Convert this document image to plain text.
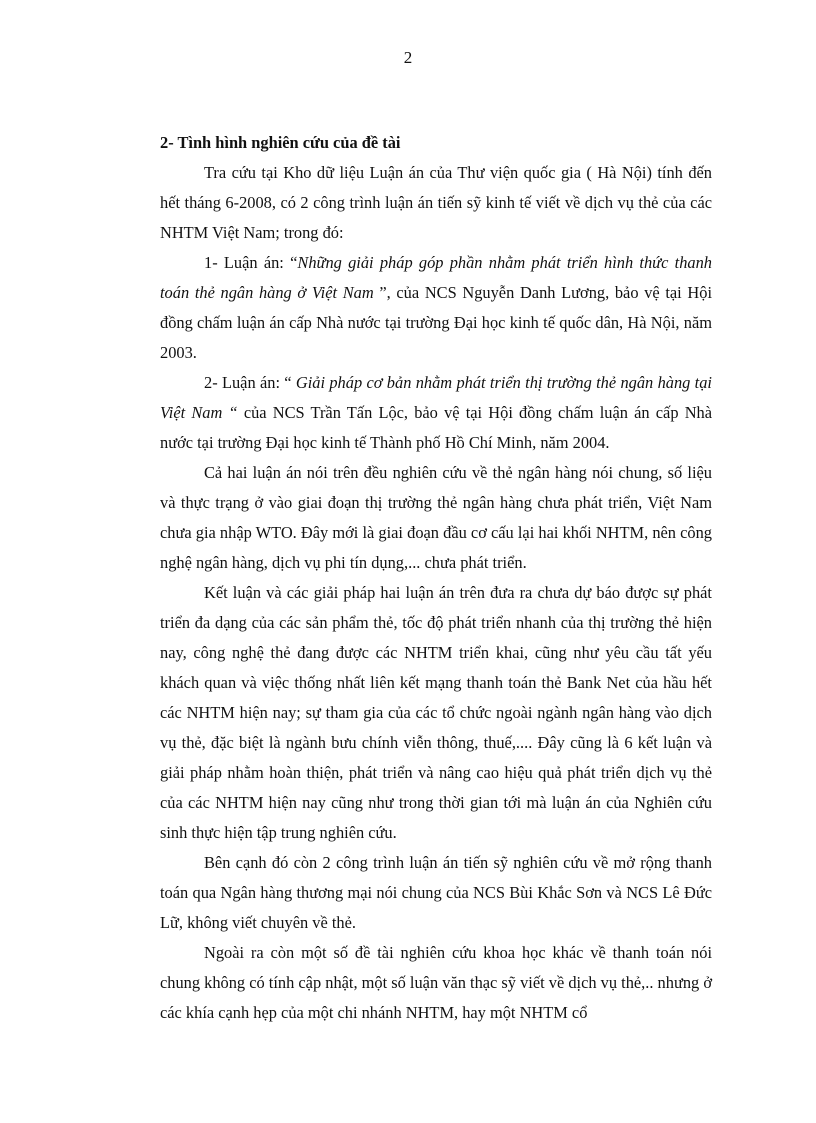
2

2- Tình hình nghiên cứu của đề tài

Tra cứu tại Kho dữ liệu Luận án của Thư viện quốc gia ( Hà Nội) tính đến hết tháng 6-2008, có 2 công trình luận án tiến sỹ kinh tế viết về dịch vụ thẻ của các NHTM Việt Nam; trong đó:

1- Luận án: “Những giải pháp góp phần nhằm phát triển hình thức thanh toán thẻ ngân hàng ở Việt Nam ”, của NCS Nguyễn Danh Lương, bảo vệ tại Hội đồng chấm luận án cấp Nhà nước tại trường Đại học kinh tế quốc dân, Hà Nội, năm 2003.

2- Luận án: “ Giải pháp cơ bản nhằm phát triển thị trường thẻ ngân hàng tại Việt Nam “ của NCS Trần Tấn Lộc, bảo vệ tại Hội đồng chấm luận án cấp Nhà nước tại trường Đại học kinh tế Thành phố Hồ Chí Minh, năm 2004.

Cả hai luận án nói trên đều nghiên cứu về thẻ ngân hàng nói chung, số liệu và thực trạng ở vào giai đoạn thị trường thẻ ngân hàng chưa phát triển, Việt Nam chưa gia nhập WTO. Đây mới là giai đoạn đầu cơ cấu lại hai khối NHTM, nên công nghệ ngân hàng, dịch vụ phi tín dụng,... chưa phát triển.

Kết luận và các giải pháp hai luận án trên đưa ra chưa dự báo được sự phát triển đa dạng của các sản phẩm thẻ, tốc độ phát triển nhanh của thị trường thẻ hiện nay, công nghệ thẻ đang được các NHTM triển khai, cũng như yêu cầu tất yếu khách quan và việc thống nhất liên kết mạng thanh toán thẻ Bank Net của hầu hết các NHTM hiện nay; sự tham gia của các tổ chức ngoài ngành ngân hàng vào dịch vụ thẻ, đặc biệt là ngành bưu chính viễn thông, thuế,.... Đây cũng là 6 kết luận và giải pháp nhằm hoàn thiện, phát triển và nâng cao hiệu quả phát triển dịch vụ thẻ của các NHTM hiện nay cũng như trong thời gian tới mà luận án của Nghiên cứu sinh thực hiện tập trung nghiên cứu.

Bên cạnh đó còn 2 công trình luận án tiến sỹ nghiên cứu về mở rộng thanh toán qua Ngân hàng thương mại nói chung của NCS Bùi Khắc Sơn và NCS Lê Đức Lữ, không viết chuyên về thẻ.

Ngoài ra còn một số đề tài nghiên cứu khoa học khác về thanh toán nói chung không có tính cập nhật, một số luận văn thạc sỹ viết về dịch vụ thẻ,.. nhưng ở các khía cạnh hẹp của một chi nhánh NHTM, hay một NHTM cổ
